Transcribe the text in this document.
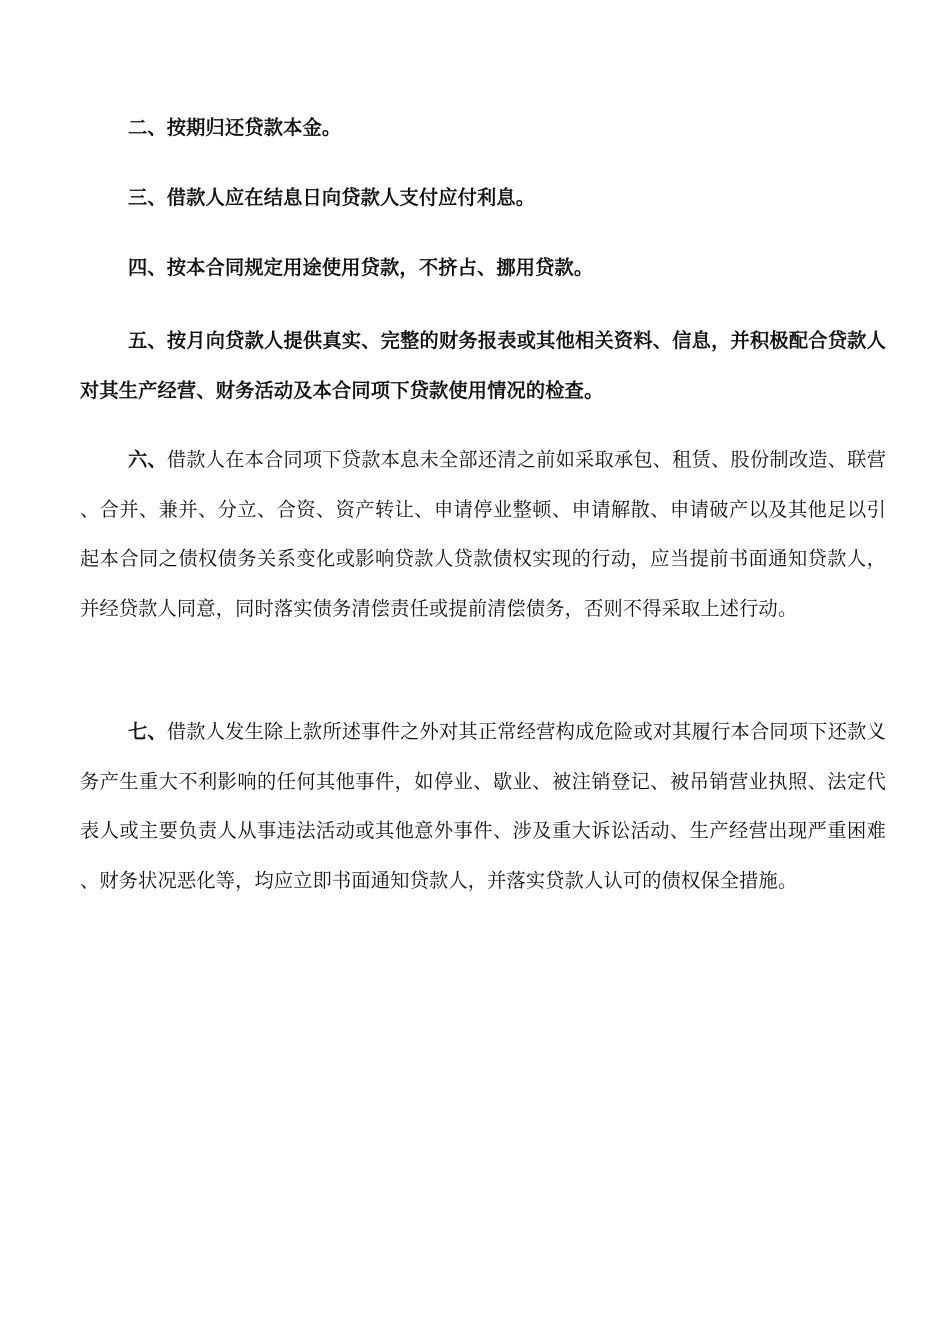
二、按期归还贷款本金。

三、借款人应在结息日向贷款人支付应付利息。

四、按本合同规定用途使用贷款，不挤占、挪用贷款。

五、按月向贷款人提供真实、完整的财务报表或其他相关资料、信息，并积极配合贷款人对其生产经营、财务活动及本合同项下贷款使用情况的检查。

六、借款人在本合同项下贷款本息未全部还清之前如采取承包、租赁、股份制改造、联营、合并、兼并、分立、合资、资产转让、申请停业整顿、申请解散、申请破产以及其他足以引起本合同之债权债务关系变化或影响贷款人贷款债权实现的行动，应当提前书面通知贷款人，并经贷款人同意，同时落实债务清偿责任或提前清偿债务，否则不得采取上述行动。

七、借款人发生除上款所述事件之外对其正常经营构成危险或对其履行本合同项下还款义务产生重大不利影响的任何其他事件，如停业、歇业、被注销登记、被吊销营业执照、法定代表人或主要负责人从事违法活动或其他意外事件、涉及重大诉讼活动、生产经营出现严重困难、财务状况恶化等，均应立即书面通知贷款人，并落实贷款人认可的债权保全措施。
